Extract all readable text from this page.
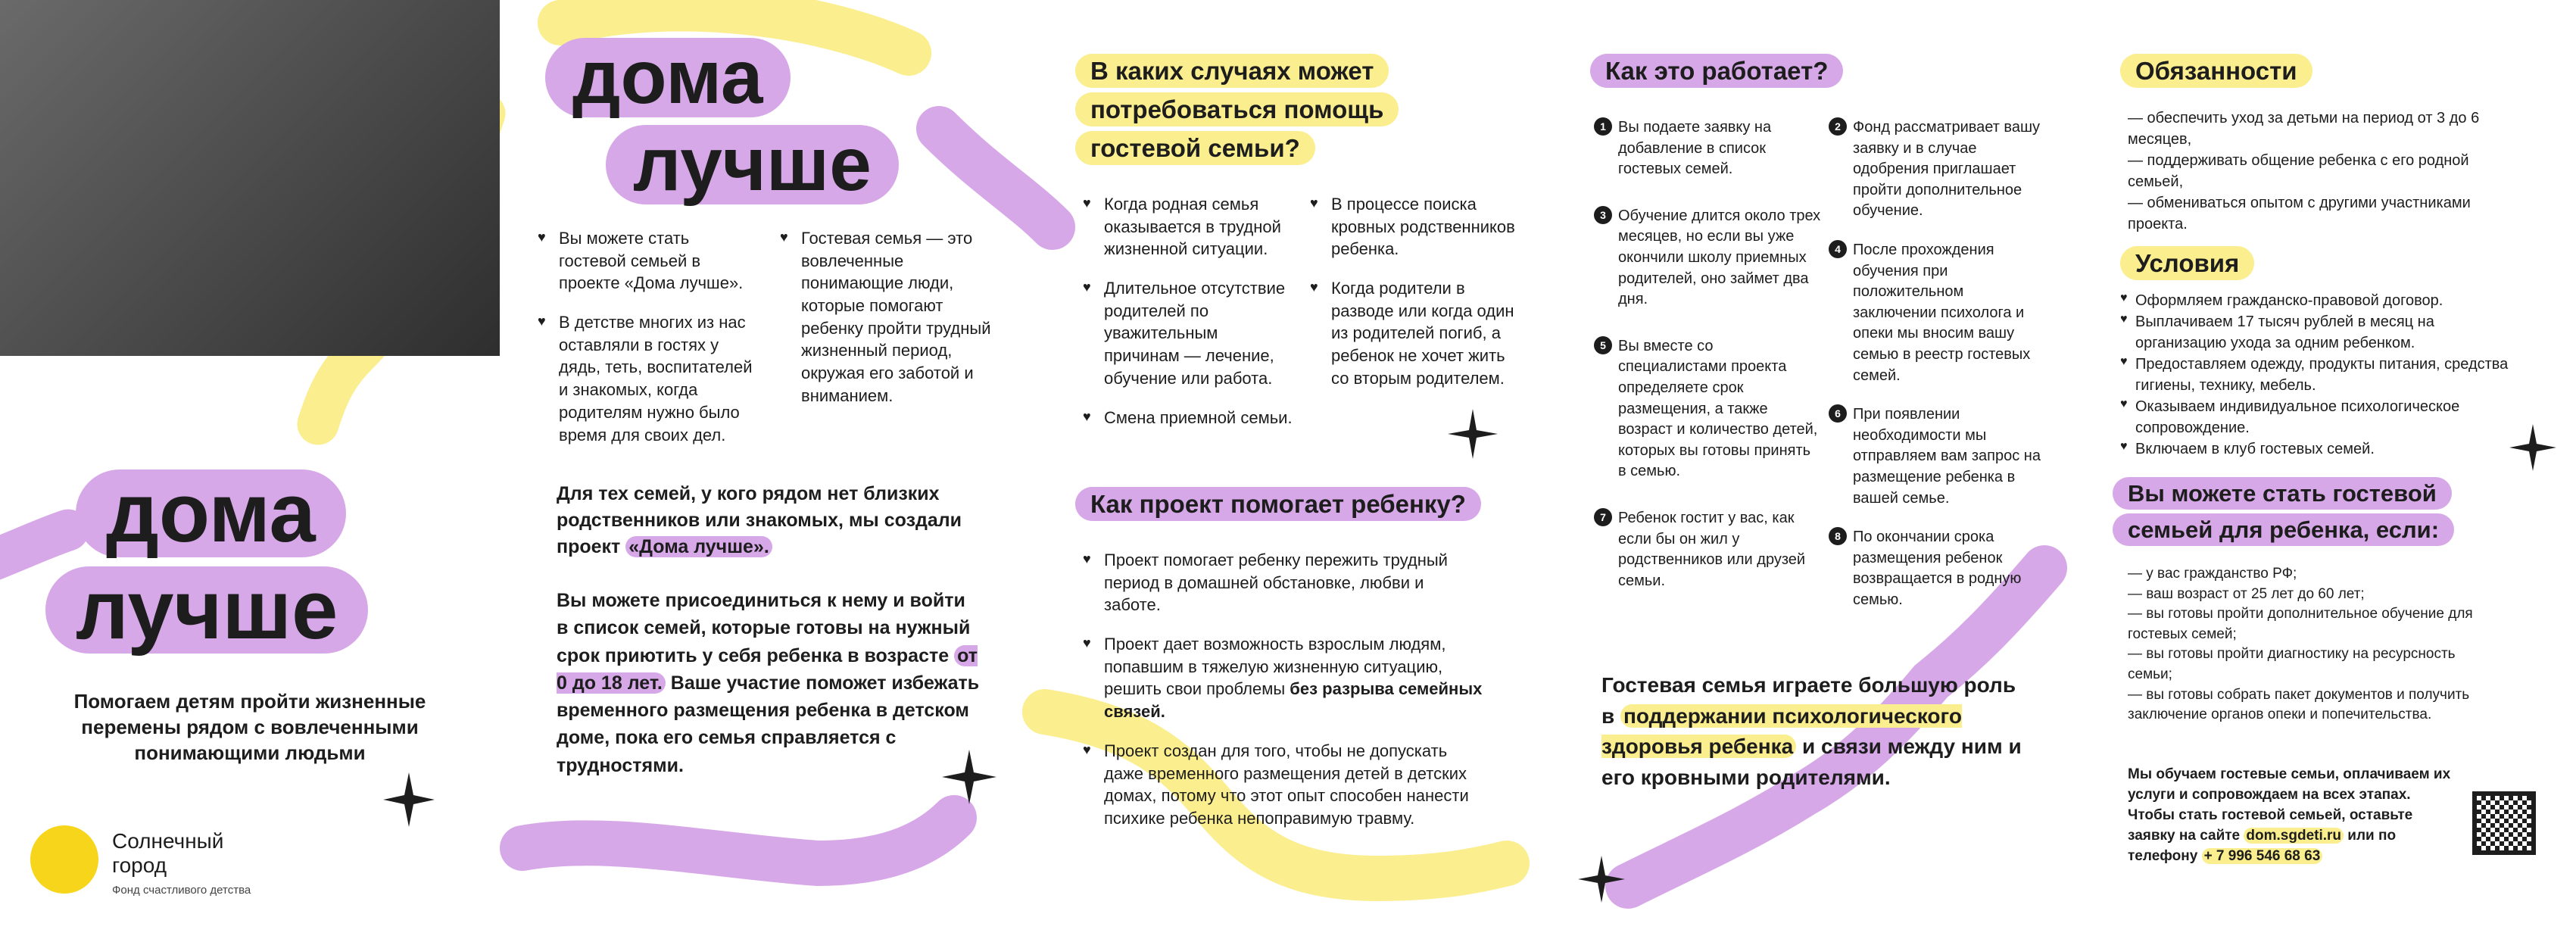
дома
лучше
Помогаем детям пройти жизненные перемены рядом с вовлеченными понимающими людьми
Солнечный
город
Фонд счастливого детства
дома
лучше
♥ Вы можете стать гостевой семьей в проекте «Дома лучше».
♥ В детстве многих из нас оставляли в гостях у дядь, теть, воспитателей и знакомых, когда родителям нужно было время для своих дел.
♥ Гостевая семья — это вовлеченные понимающие люди, которые помогают ребенку пройти трудный жизненный период, окружая его заботой и вниманием.
Для тех семей, у кого рядом нет близких родственников или знакомых, мы создали проект «Дома лучше».
Вы можете присоединиться к нему и войти в список семей, которые готовы на нужный срок приютить у себя ребенка в возрасте от 0 до 18 лет. Ваше участие поможет избежать временного размещения ребенка в детском доме, пока его семья справляется с трудностями.
В каких случаях может потребоваться помощь гостевой семьи?
♥ Когда родная семья оказывается в трудной жизненной ситуации.
♥ Длительное отсутствие родителей по уважительным причинам — лечение, обучение или работа.
♥ Смена приемной семьи.
♥ В процессе поиска кровных родственников ребенка.
♥ Когда родители в разводе или когда один из родителей погиб, а ребенок не хочет жить со вторым родителем.
Как проект помогает ребенку?
♥ Проект помогает ребенку пережить трудный период в домашней обстановке, любви и заботе.
♥ Проект дает возможность взрослым людям, попавшим в тяжелую жизненную ситуацию, решить свои проблемы без разрыва семейных связей.
♥ Проект создан для того, чтобы не допускать даже временного размещения детей в детских домах, потому что этот опыт способен нанести психике ребенка непоправимую травму.
Как это работает?
1 Вы подаете заявку на добавление в список гостевых семей.
3 Обучение длится около трех месяцев, но если вы уже окончили школу приемных родителей, оно займет два дня.
5 Вы вместе со специалистами проекта определяете срок размещения, а также возраст и количество детей, которых вы готовы принять в семью.
7 Ребенок гостит у вас, как если бы он жил у родственников или друзей семьи.
2 Фонд рассматривает вашу заявку и в случае одобрения приглашает пройти дополнительное обучение.
4 После прохождения обучения при положительном заключении психолога и опеки мы вносим вашу семью в реестр гостевых семей.
6 При появлении необходимости мы отправляем вам запрос на размещение ребенка в вашей семье.
8 По окончании срока размещения ребенок возвращается в родную семью.
Гостевая семья играете большую роль в поддержании психологического здоровья ребенка и связи между ним и его кровными родителями.
Обязанности
— обеспечить уход за детьми на период от 3 до 6 месяцев,
— поддерживать общение ребенка с его родной семьей,
— обмениваться опытом с другими участниками проекта.
Условия
♥ Оформляем гражданско-правовой договор.
♥ Выплачиваем 17 тысяч рублей в месяц на организацию ухода за одним ребенком.
♥ Предоставляем одежду, продукты питания, средства гигиены, технику, мебель.
♥ Оказываем индивидуальное психологическое сопровождение.
♥ Включаем в клуб гостевых семей.
Вы можете стать гостевой семьей для ребенка, если:
— у вас гражданство РФ;
— ваш возраст от 25 лет до 60 лет;
— вы готовы пройти дополнительное обучение для гостевых семей;
— вы готовы пройти диагностику на ресурсность семьи;
— вы готовы собрать пакет документов и получить заключение органов опеки и попечительства.
Мы обучаем гостевые семьи, оплачиваем их услуги и сопровождаем на всех этапах. Чтобы стать гостевой семьей, оставьте заявку на сайте dom.sgdeti.ru или по телефону + 7 996 546 68 63
